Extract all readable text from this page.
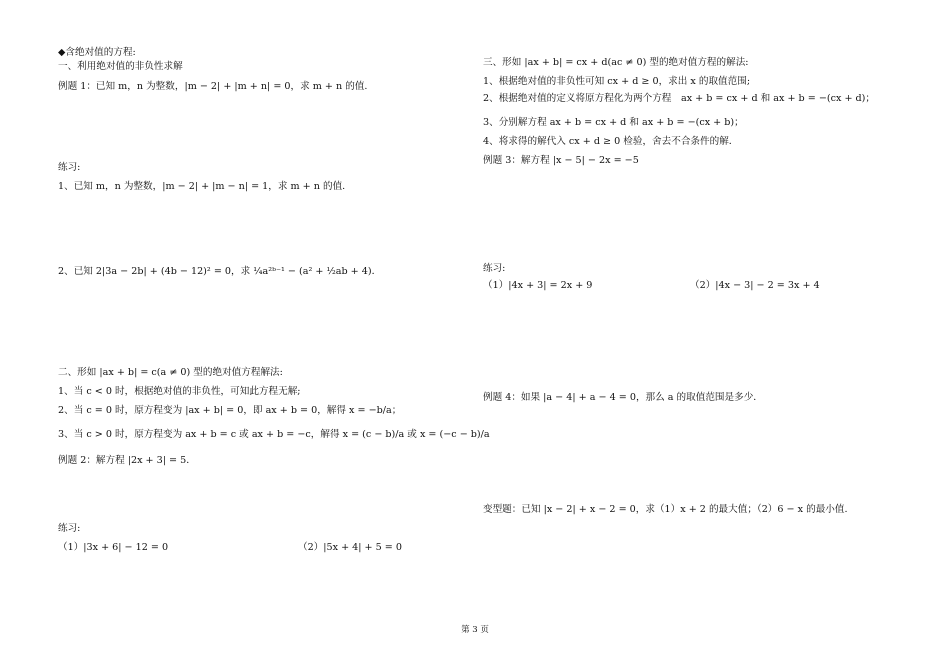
◆含绝对值的方程:
一、利用绝对值的非负性求解
例题 1：已知 m，n 为整数，|m − 2| + |m + n| = 0，求 m + n 的值.
练习:
1、已知 m，n 为整数，|m − 2| + |m − n| = 1，求 m + n 的值.
2、已知 2|3a − 2b| + (4b − 12)² = 0，求 ¼a²ᵇ⁻¹ − (a² + ½ab + 4)．
二、形如 |ax + b| = c(a ≠ 0) 型的绝对值方程解法:
1、当 c < 0 时，根据绝对值的非负性，可知此方程无解;
2、当 c = 0 时，原方程变为 |ax + b| = 0，即 ax + b = 0，解得 x = −b/a；
3、当 c > 0 时，原方程变为 ax + b = c 或 ax + b = −c，解得 x = (c − b)/a 或 x = (−c − b)/a
例题 2：解方程 |2x + 3| = 5．
练习:
（1）|3x + 6| − 12 = 0	（2）|5x + 4| + 5 = 0
三、形如 |ax + b| = cx + d(ac ≠ 0) 型的绝对值方程的解法:
1、根据绝对值的非负性可知 cx + d ≥ 0，求出 x 的取值范围;
2、根据绝对值的定义将原方程化为两个方程　ax + b = cx + d 和 ax + b = −(cx + d)；
3、分别解方程 ax + b = cx + d 和 ax + b = −(cx + b)；
4、将求得的解代入 cx + d ≥ 0 检验，舍去不合条件的解．
例题 3：解方程 |x − 5| − 2x = −5
练习:
（1）|4x + 3| = 2x + 9	（2）|4x − 3| − 2 = 3x + 4
例题 4：如果 |a − 4| + a − 4 = 0，那么 a 的取值范围是多少．
变型题：已知 |x − 2| + x − 2 = 0，求（1）x + 2 的最大值；（2）6 − x 的最小值.
第 3 页
